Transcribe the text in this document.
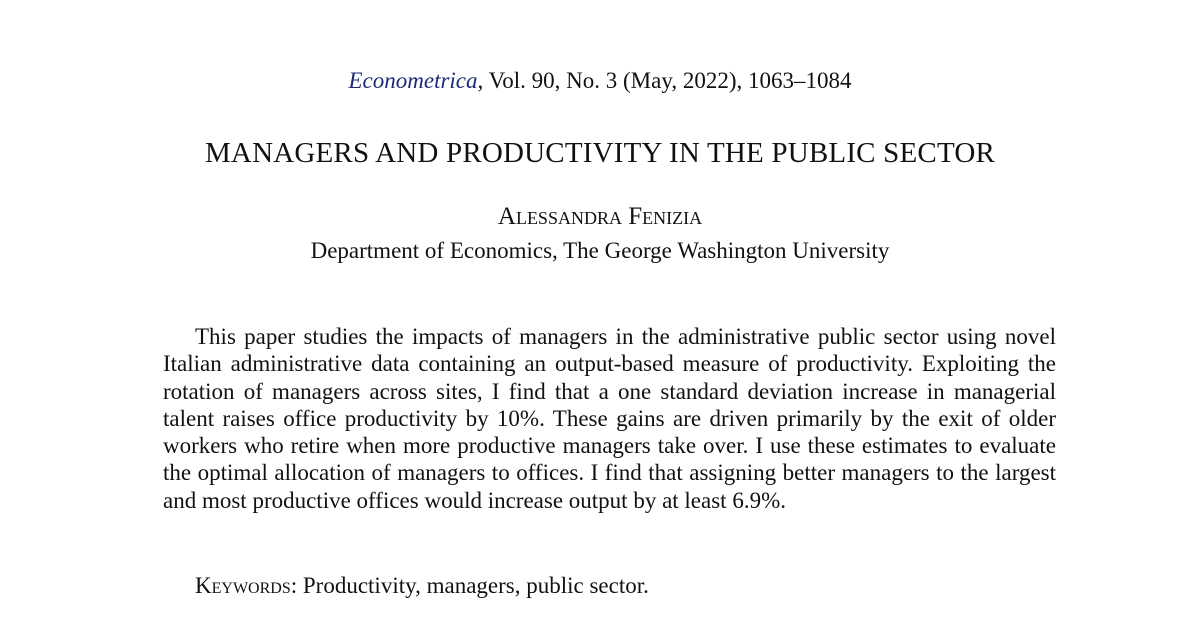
Econometrica, Vol. 90, No. 3 (May, 2022), 1063–1084
MANAGERS AND PRODUCTIVITY IN THE PUBLIC SECTOR
Alessandra Fenizia
Department of Economics, The George Washington University

This paper studies the impacts of managers in the administrative public sector using novel Italian administrative data containing an output-based measure of productivity. Exploiting the rotation of managers across sites, I find that a one standard deviation increase in managerial talent raises office productivity by 10%. These gains are driven primarily by the exit of older workers who retire when more productive managers take over. I use these estimates to evaluate the optimal allocation of managers to offices. I find that assigning better managers to the largest and most productive offices would increase output by at least 6.9%.

Keywords: Productivity, managers, public sector.
